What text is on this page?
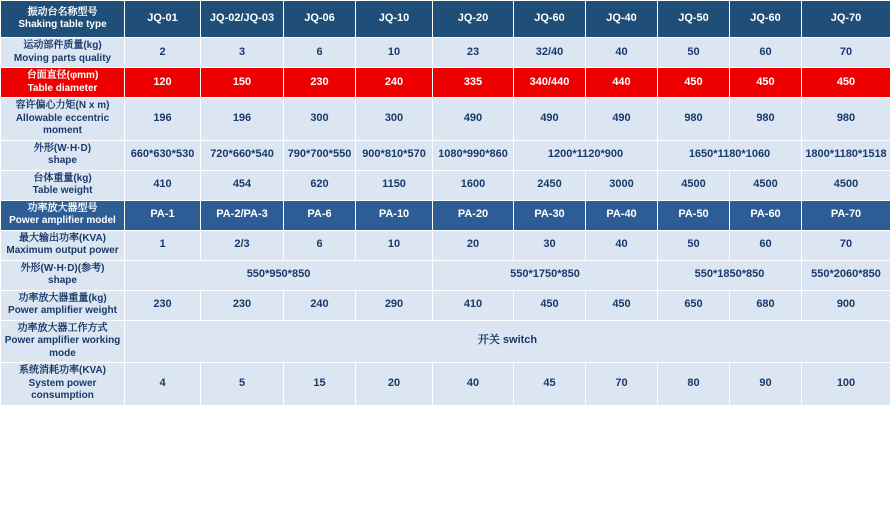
振动台名称型号
Shaking table type	JQ-01	JQ-02/JQ-03	JQ-06	JQ-10	JQ-20	JQ-60	JQ-40	JQ-50	JQ-60	JQ-70

运动部件质量(kg)
Moving parts quality	2	3	6	10	23	32/40	40	50	60	70

台面直径(φmm)
Table diameter	120	150	230	240	335	340/440	440	450	450	450

容许偏心力矩(N x m)
Allowable eccentric moment	196	196	300	300	490	490	490	980	980	980

外形(W·H·D)
shape	660*630*530	720*660*540	790*700*550	900*810*570	1080*990*860	1200*1120*900		1650*1180*1060		1800*1180*1518

台体重量(kg)
Table weight	410	454	620	1150	1600	2450	3000	4500	4500	4500

功率放大器型号
Power amplifier model	PA-1	PA-2/PA-3	PA-6	PA-10	PA-20	PA-30	PA-40	PA-50	PA-60	PA-70

最大输出功率(KVA)
Maximum output power	1	2/3	6	10	20	30	40	50	60	70

外形(W·H·D)(参考)
shape	550*950*850				550*1750*850			550*1850*850		550*2060*850

功率放大器重量(kg)
Power amplifier weight	230	230	240	290	410	450	450	650	680	900

功率放大器工作方式
Power amplifier working mode	开关 switch									

系统消耗功率(KVA)
System power consumption	4	5	15	20	40	45	70	80	90	100
